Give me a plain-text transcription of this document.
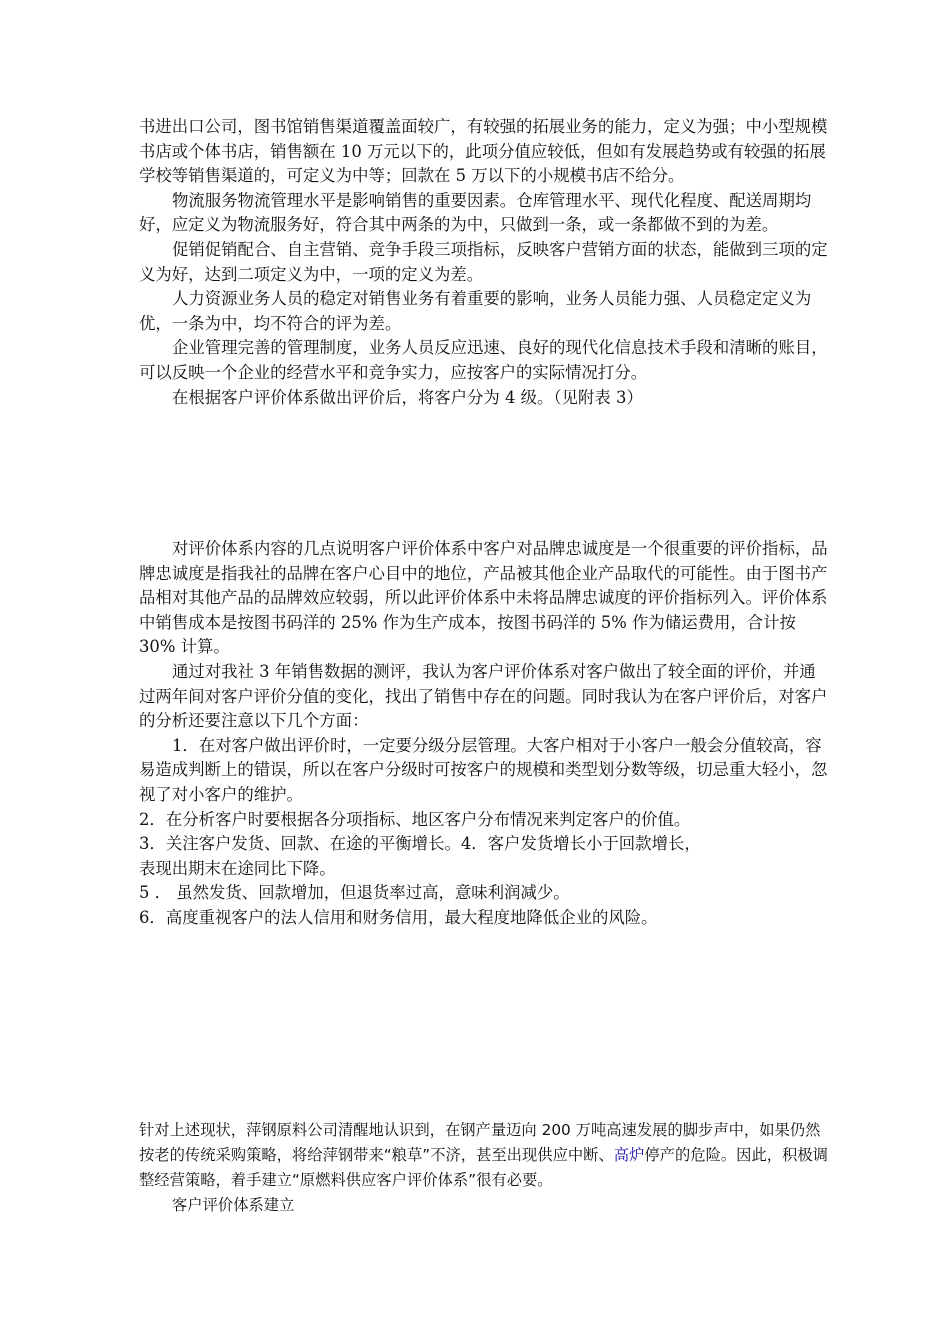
书进出口公司，图书馆销售渠道覆盖面较广，有较强的拓展业务的能力，定义为强；中小型规模书店或个体书店，销售额在 10 万元以下的，此项分值应较低，但如有发展趋势或有较强的拓展学校等销售渠道的，可定义为中等；回款在 5 万以下的小规模书店不给分。

物流服务物流管理水平是影响销售的重要因素。仓库管理水平、现代化程度、配送周期均好，应定义为物流服务好，符合其中两条的为中，只做到一条，或一条都做不到的为差。

促销促销配合、自主营销、竞争手段三项指标，反映客户营销方面的状态，能做到三项的定义为好，达到二项定义为中，一项的定义为差。

人力资源业务人员的稳定对销售业务有着重要的影响，业务人员能力强、人员稳定定义为优，一条为中，均不符合的评为差。

企业管理完善的管理制度，业务人员反应迅速、良好的现代化信息技术手段和清晰的账目，可以反映一个企业的经营水平和竞争实力，应按客户的实际情况打分。

在根据客户评价体系做出评价后，将客户分为 4 级。（见附表 3）

对评价体系内容的几点说明客户评价体系中客户对品牌忠诚度是一个很重要的评价指标，品牌忠诚度是指我社的品牌在客户心目中的地位，产品被其他企业产品取代的可能性。由于图书产品相对其他产品的品牌效应较弱，所以此评价体系中未将品牌忠诚度的评价指标列入。评价体系中销售成本是按图书码洋的 25% 作为生产成本，按图书码洋的 5% 作为储运费用，合计按 30% 计算。

通过对我社 3 年销售数据的测评，我认为客户评价体系对客户做出了较全面的评价，并通过两年间对客户评价分值的变化，找出了销售中存在的问题。同时我认为在客户评价后，对客户的分析还要注意以下几个方面：

1．在对客户做出评价时，一定要分级分层管理。大客户相对于小客户一般会分值较高，容易造成判断上的错误，所以在客户分级时可按客户的规模和类型划分数等级，切忌重大轻小，忽视了对小客户的维护。

2．在分析客户时要根据各分项指标、地区客户分布情况来判定客户的价值。

3．关注客户发货、回款、在途的平衡增长。4．客户发货增长小于回款增长，
表现出期末在途同比下降。

5 ． 虽然发货、回款增加，但退货率过高，意味利润减少。

6．高度重视客户的法人信用和财务信用，最大程度地降低企业的风险。

针对上述现状，萍钢原料公司清醒地认识到，在钢产量迈向 200 万吨高速发展的脚步声中，如果仍然按老的传统采购策略，将给萍钢带来“粮草”不济，甚至出现供应中断、高炉停产的危险。因此，积极调整经营策略，着手建立“原燃料供应客户评价体系”很有必要。

客户评价体系建立
